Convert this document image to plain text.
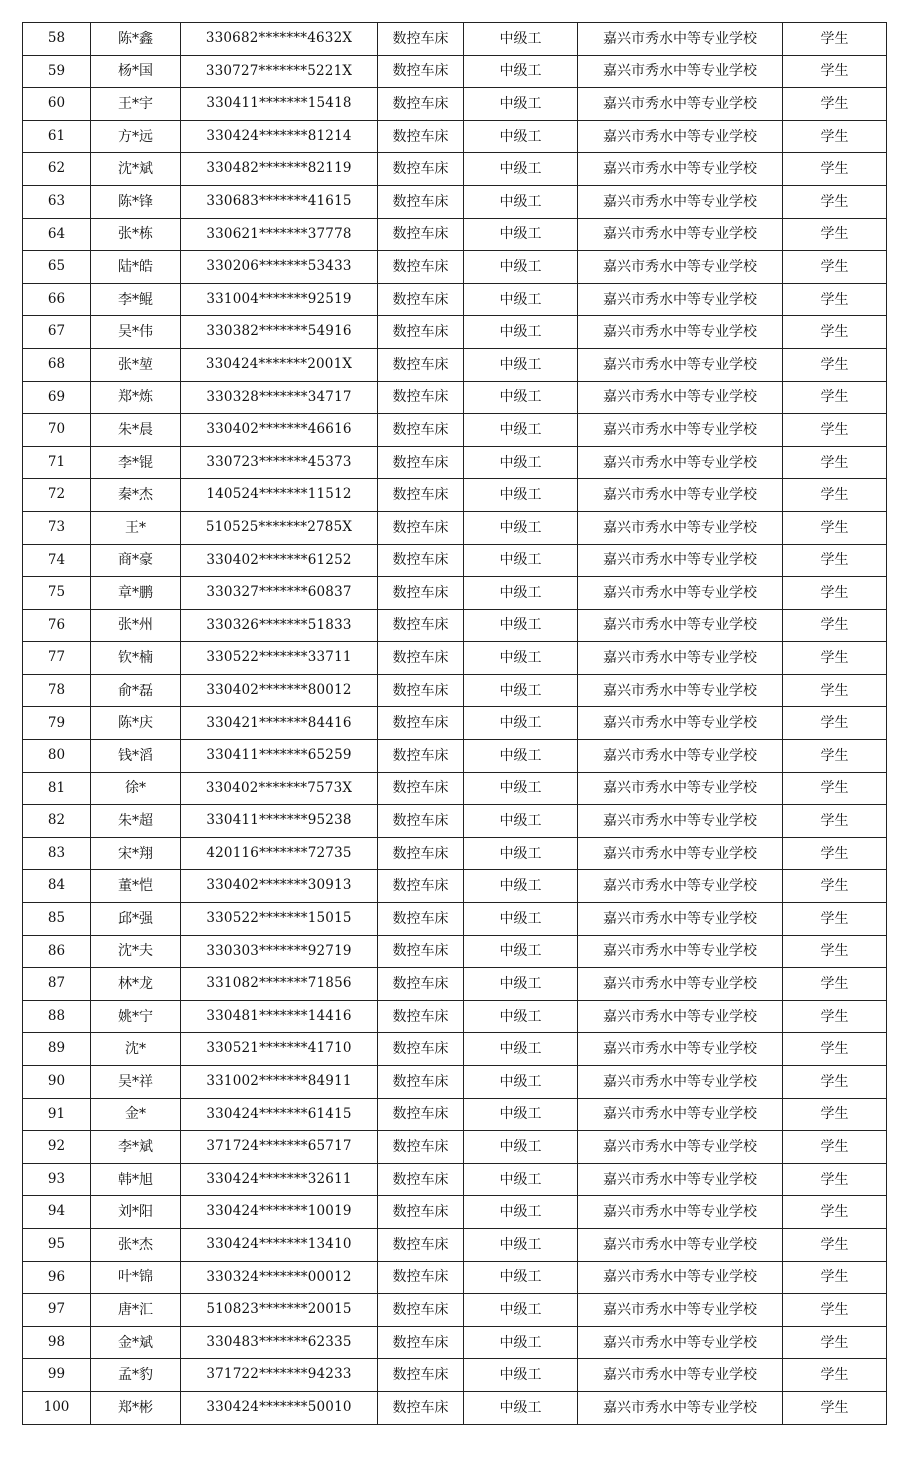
58	陈*鑫	330682*******4632X	数控车床	中级工	嘉兴市秀水中等专业学校	学生
59	杨*国	330727*******5221X	数控车床	中级工	嘉兴市秀水中等专业学校	学生
60	王*宇	330411*******15418	数控车床	中级工	嘉兴市秀水中等专业学校	学生
61	方*远	330424*******81214	数控车床	中级工	嘉兴市秀水中等专业学校	学生
62	沈*斌	330482*******82119	数控车床	中级工	嘉兴市秀水中等专业学校	学生
63	陈*锋	330683*******41615	数控车床	中级工	嘉兴市秀水中等专业学校	学生
64	张*栋	330621*******37778	数控车床	中级工	嘉兴市秀水中等专业学校	学生
65	陆*皓	330206*******53433	数控车床	中级工	嘉兴市秀水中等专业学校	学生
66	李*鲲	331004*******92519	数控车床	中级工	嘉兴市秀水中等专业学校	学生
67	吴*伟	330382*******54916	数控车床	中级工	嘉兴市秀水中等专业学校	学生
68	张*堃	330424*******2001X	数控车床	中级工	嘉兴市秀水中等专业学校	学生
69	郑*炼	330328*******34717	数控车床	中级工	嘉兴市秀水中等专业学校	学生
70	朱*晨	330402*******46616	数控车床	中级工	嘉兴市秀水中等专业学校	学生
71	李*锟	330723*******45373	数控车床	中级工	嘉兴市秀水中等专业学校	学生
72	秦*杰	140524*******11512	数控车床	中级工	嘉兴市秀水中等专业学校	学生
73	王*	510525*******2785X	数控车床	中级工	嘉兴市秀水中等专业学校	学生
74	商*豪	330402*******61252	数控车床	中级工	嘉兴市秀水中等专业学校	学生
75	章*鹏	330327*******60837	数控车床	中级工	嘉兴市秀水中等专业学校	学生
76	张*州	330326*******51833	数控车床	中级工	嘉兴市秀水中等专业学校	学生
77	钦*楠	330522*******33711	数控车床	中级工	嘉兴市秀水中等专业学校	学生
78	俞*磊	330402*******80012	数控车床	中级工	嘉兴市秀水中等专业学校	学生
79	陈*庆	330421*******84416	数控车床	中级工	嘉兴市秀水中等专业学校	学生
80	钱*滔	330411*******65259	数控车床	中级工	嘉兴市秀水中等专业学校	学生
81	徐*	330402*******7573X	数控车床	中级工	嘉兴市秀水中等专业学校	学生
82	朱*超	330411*******95238	数控车床	中级工	嘉兴市秀水中等专业学校	学生
83	宋*翔	420116*******72735	数控车床	中级工	嘉兴市秀水中等专业学校	学生
84	董*恺	330402*******30913	数控车床	中级工	嘉兴市秀水中等专业学校	学生
85	邱*强	330522*******15015	数控车床	中级工	嘉兴市秀水中等专业学校	学生
86	沈*夫	330303*******92719	数控车床	中级工	嘉兴市秀水中等专业学校	学生
87	林*龙	331082*******71856	数控车床	中级工	嘉兴市秀水中等专业学校	学生
88	姚*宁	330481*******14416	数控车床	中级工	嘉兴市秀水中等专业学校	学生
89	沈*	330521*******41710	数控车床	中级工	嘉兴市秀水中等专业学校	学生
90	吴*祥	331002*******84911	数控车床	中级工	嘉兴市秀水中等专业学校	学生
91	金*	330424*******61415	数控车床	中级工	嘉兴市秀水中等专业学校	学生
92	李*斌	371724*******65717	数控车床	中级工	嘉兴市秀水中等专业学校	学生
93	韩*旭	330424*******32611	数控车床	中级工	嘉兴市秀水中等专业学校	学生
94	刘*阳	330424*******10019	数控车床	中级工	嘉兴市秀水中等专业学校	学生
95	张*杰	330424*******13410	数控车床	中级工	嘉兴市秀水中等专业学校	学生
96	叶*锦	330324*******00012	数控车床	中级工	嘉兴市秀水中等专业学校	学生
97	唐*汇	510823*******20015	数控车床	中级工	嘉兴市秀水中等专业学校	学生
98	金*斌	330483*******62335	数控车床	中级工	嘉兴市秀水中等专业学校	学生
99	孟*豹	371722*******94233	数控车床	中级工	嘉兴市秀水中等专业学校	学生
100	郑*彬	330424*******50010	数控车床	中级工	嘉兴市秀水中等专业学校	学生
